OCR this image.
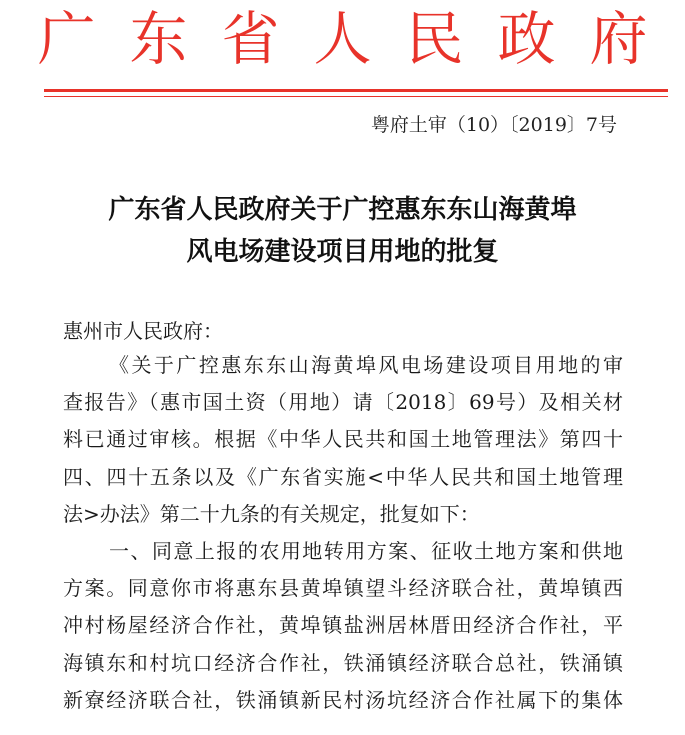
广东省人民政府
粤府土审（10）〔2019〕7号
广东省人民政府关于广控惠东东山海黄埠
风电场建设项目用地的批复
惠州市人民政府：
《关于广控惠东东山海黄埠风电场建设项目用地的审
查报告》（惠市国土资（用地）请〔2018〕69号）及相关材
料已通过审核。根据《中华人民共和国土地管理法》第四十
四、四十五条以及《广东省实施<中华人民共和国土地管理
法>办法》第二十九条的有关规定，批复如下：
一、同意上报的农用地转用方案、征收土地方案和供地
方案。同意你市将惠东县黄埠镇望斗经济联合社，黄埠镇西
冲村杨屋经济合作社，黄埠镇盐洲居林厝田经济合作社，平
海镇东和村坑口经济合作社，铁涌镇经济联合总社，铁涌镇
新寮经济联合社，铁涌镇新民村汤坑经济合作社属下的集体
